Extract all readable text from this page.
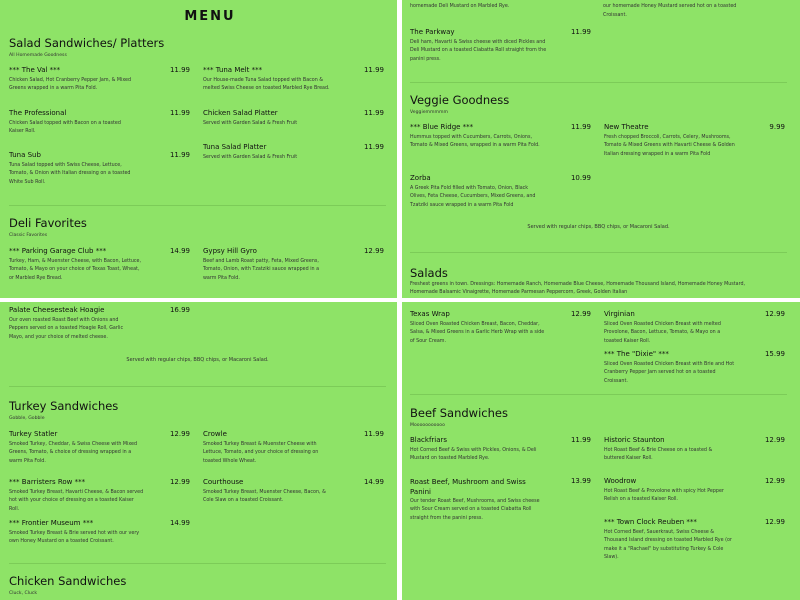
MENU
Salad Sandwiches/ Platters
All Homemade Goodness
*** The Val ***	11.99
Chicken Salad, Hot Cranberry Pepper Jam, & Mixed Greens wrapped in a warm Pita Fold.
*** Tuna Melt ***	11.99
Our House-made Tuna Salad topped with Bacon & melted Swiss Cheese on toasted Marbled Rye Bread.
The Professional	11.99
Chicken Salad topped with Bacon on a toasted Kaiser Roll.
Chicken Salad Platter	11.99
Served with Garden Salad & Fresh Fruit
Tuna Sub	11.99
Tuna Salad topped with Swiss Cheese, Lettuce, Tomato, & Onion with Italian dressing on a toasted White Sub Roll.
Tuna Salad Platter	11.99
Served with Garden Salad & Fresh Fruit
Deli Favorites
Classic Favorites
*** Parking Garage Club ***	14.99
Turkey, Ham, & Muenster Cheese, with Bacon, Lettuce, Tomato, & Mayo on your choice of Texas Toast, Wheat, or Marbled Rye Bread.
Gypsy Hill Gyro	12.99
Beef and Lamb Roast patty, Feta, Mixed Greens, Tomato, Onion, with Tzatziki sauce wrapped in a warm Pita Fold.
homemade Deli Mustard on Marbled Rye.	our homemade Honey Mustard served hot on a toasted Croissant.
The Parkway	11.99
Deli ham, Havarti & Swiss cheese with diced Pickles and Deli Mustard on a toasted Ciabatta Roll straight from the panini press.
Veggie Goodness
Veggiemmmmm
*** Blue Ridge ***	11.99
Hummus topped with Cucumbers, Carrots, Onions, Tomato & Mixed Greens, wrapped in a warm Pita Fold.
New Theatre	9.99
Fresh chopped Broccoli, Carrots, Celery, Mushrooms, Tomato & Mixed Greens with Havarti Cheese & Golden Italian dressing wrapped in a warm Pita Fold
Zorba	10.99
A Greek Pita Fold filled with Tomato, Onion, Black Olives, Feta Cheese, Cucumbers, Mixed Greens, and Tzatziki sauce wrapped in a warm Pita Fold
Served with regular chips, BBQ chips, or Macaroni Salad.
Salads
Freshest greens in town. Dressings: Homemade Ranch, Homemade Blue Cheese, Homemade Thousand Island, Homemade Honey Mustard, Homemade Balsamic Vinaigrette, Homemade Parmesan Peppercorn, Greek, Golden Italian
Palate Cheesesteak Hoagie	16.99
Our oven roasted Roast Beef with Onions and Peppers served on a toasted Hoagie Roll, Garlic Mayo, and your choice of melted cheese.
Served with regular chips, BBQ chips, or Macaroni Salad.
Turkey Sandwiches
Gobble, Gobble
Turkey Statler	12.99
Smoked Turkey, Cheddar, & Swiss Cheese with Mixed Greens, Tomato, & choice of dressing wrapped in a warm Pita Fold.
Crowle	11.99
Smoked Turkey Breast & Muenster Cheese with Lettuce, Tomato, and your choice of dressing on toasted Whole Wheat.
*** Barristers Row ***	12.99
Smoked Turkey Breast, Havarti Cheese, & Bacon served hot with your choice of dressing on a toasted Kaiser Roll.
Courthouse	14.99
Smoked Turkey Breast, Muenster Cheese, Bacon, & Cole Slaw on a toasted Croissant.
*** Frontier Museum ***	14.99
Smoked Turkey Breast & Brie served hot with our very own Honey Mustard on a toasted Croissant.
Chicken Sandwiches
Cluck, Cluck
Texas Wrap	12.99
Sliced Oven Roasted Chicken Breast, Bacon, Cheddar, Salsa, & Mixed Greens in a Garlic Herb Wrap with a side of Sour Cream.
Virginian	12.99
Sliced Oven Roasted Chicken Breast with melted Provolone, Bacon, Lettuce, Tomato, & Mayo on a toasted Kaiser Roll.
*** The "Dixie" ***	15.99
Sliced Oven Roasted Chicken Breast with Brie and Hot Cranberry Pepper Jam served hot on a toasted Croissant.
Beef Sandwiches
Mooooooooooo
Blackfriars	11.99
Hot Corned Beef & Swiss with Pickles, Onions, & Deli Mustard on toasted Marbled Rye.
Historic Staunton	12.99
Hot Roast Beef & Brie Cheese on a toasted & buttered Kaiser Roll.
Roast Beef, Mushroom and Swiss Panini
13.99
Our tender Roast Beef, Mushrooms, and Swiss cheese with Sour Cream served on a toasted Ciabatta Roll straight from the panini press.
Woodrow	12.99
Hot Roast Beef & Provolone with spicy Hot Pepper Relish on a toasted Kaiser Roll.
*** Town Clock Reuben ***	12.99
Hot Corned Beef, Sauerkraut, Swiss Cheese & Thousand Island dressing on toasted Marbled Rye (or make it a "Rachael" by substituting Turkey & Cole Slaw).
